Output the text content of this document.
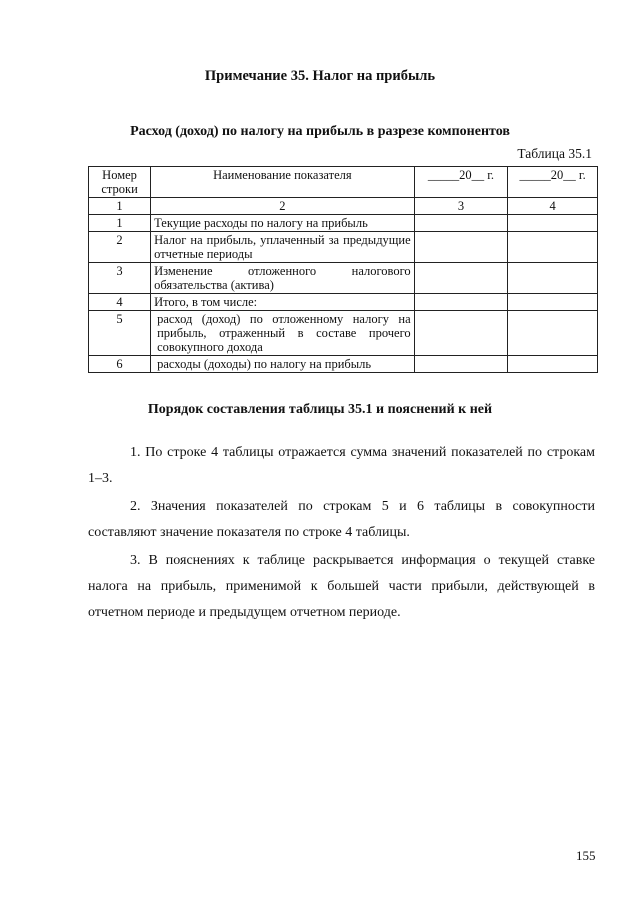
Примечание 35. Налог на прибыль
Расход (доход) по налогу на прибыль в разрезе компонентов
Таблица 35.1
Номер строки	Наименование показателя	_____20__ г.	_____20__ г.
1	2	3	4
1	Текущие расходы по налогу на прибыль		
2	Налог на прибыль, уплаченный за предыдущие отчетные периоды		
3	Изменение отложенного налогового обязательства (актива)		
4	Итого, в том числе:		
5	расход (доход) по отложенному налогу на прибыль, отраженный в составе прочего совокупного дохода		
6	расходы (доходы) по налогу на прибыль		
Порядок составления таблицы 35.1 и пояснений к ней

1. По строке 4 таблицы отражается сумма значений показателей по строкам 1–3.

2. Значения показателей по строкам 5 и 6 таблицы в совокупности составляют значение показателя по строке 4 таблицы.

3. В пояснениях к таблице раскрывается информация о текущей ставке налога на прибыль, применимой к большей части прибыли, действующей в отчетном периоде и предыдущем отчетном периоде.

155
